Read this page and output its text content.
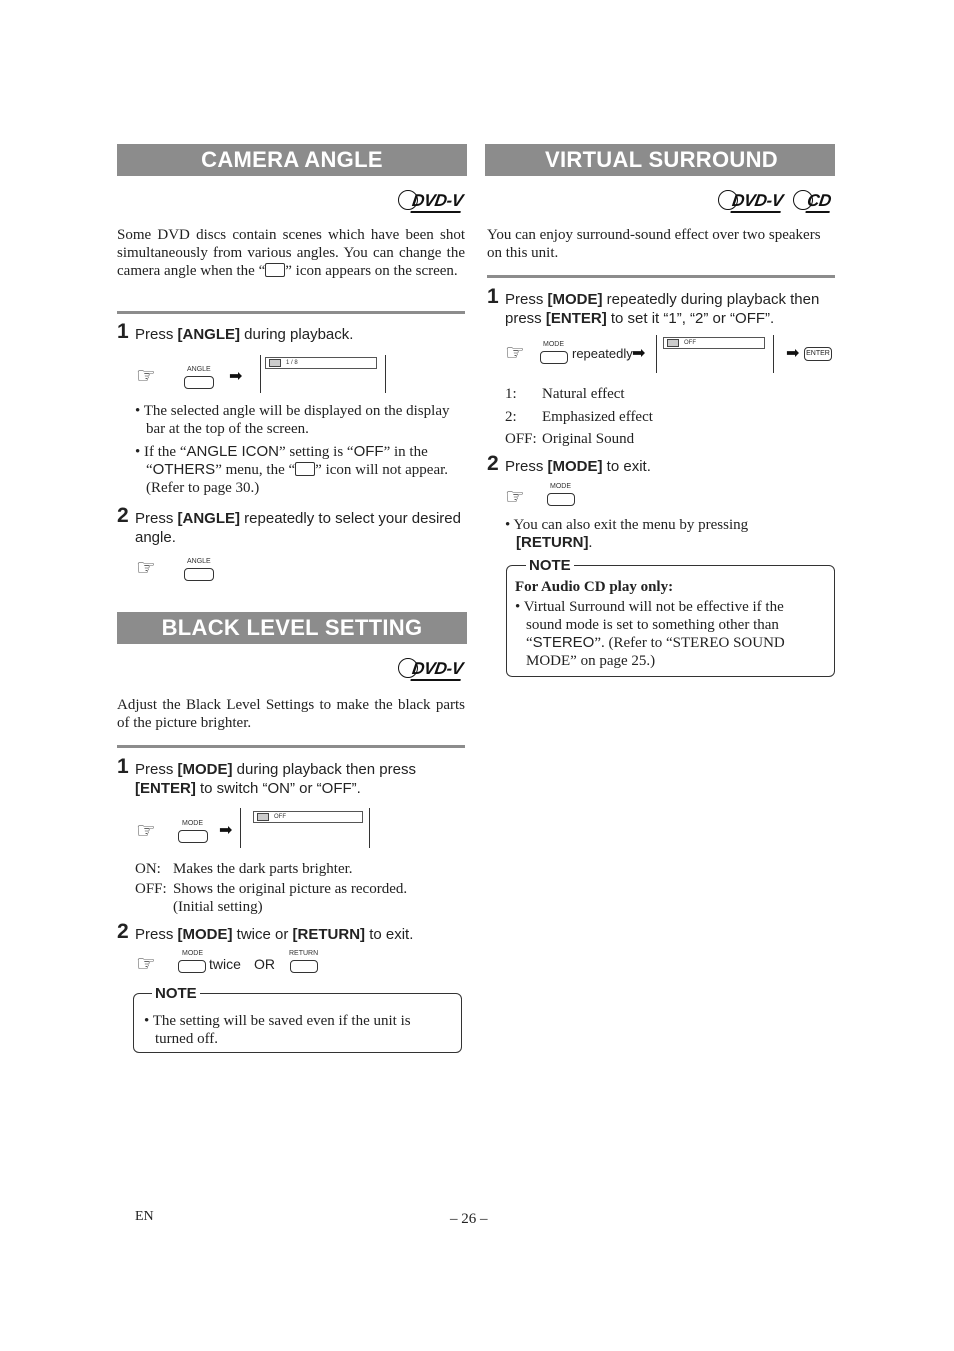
CAMERA ANGLE
DVD-V
Some DVD discs contain scenes which have been shot simultaneously from various angles. You can change the camera angle when the “ ” icon appears on the screen.
1 Press [ANGLE] during playback.
☞	ANGLE ➡
1 / 8
• The selected angle will be displayed on the display bar at the top of the screen.
• If the “ANGLE ICON” setting is “OFF” in the “OTHERS” menu, the “ ” icon will not appear. (Refer to page 30.)
2 Press [ANGLE] repeatedly to select your desired angle.
☞	ANGLE
BLACK LEVEL SETTING
DVD-V
Adjust the Black Level Settings to make the black parts of the picture brighter.
1 Press [MODE] during playback then press [ENTER] to switch “ON” or “OFF”.
☞	MODE ➡
OFF
ON: Makes the dark parts brighter.
OFF: Shows the original picture as recorded.
(Initial setting)
2 Press [MODE] twice or [RETURN] to exit.
☞	MODE
twice OR
RETURN
NOTE
• The setting will be saved even if the unit is turned off.
VIRTUAL SURROUND
DVD-V	CD
You can enjoy surround-sound effect over two speakers on this unit.
1 Press [MODE] repeatedly during playback then press [ENTER] to set it “1”, “2” or “OFF”.
☞	MODE
repeatedly ➡
OFF
➡ ENTER
1: Natural effect
2: Emphasized effect
OFF: Original Sound
2 Press [MODE] to exit.
☞	MODE
• You can also exit the menu by pressing
[RETURN].
NOTE
For Audio CD play only:
• Virtual Surround will not be effective if the sound mode is set to something other than “STEREO”. (Refer to “STEREO SOUND MODE” on page 25.)
EN	– 26 –
